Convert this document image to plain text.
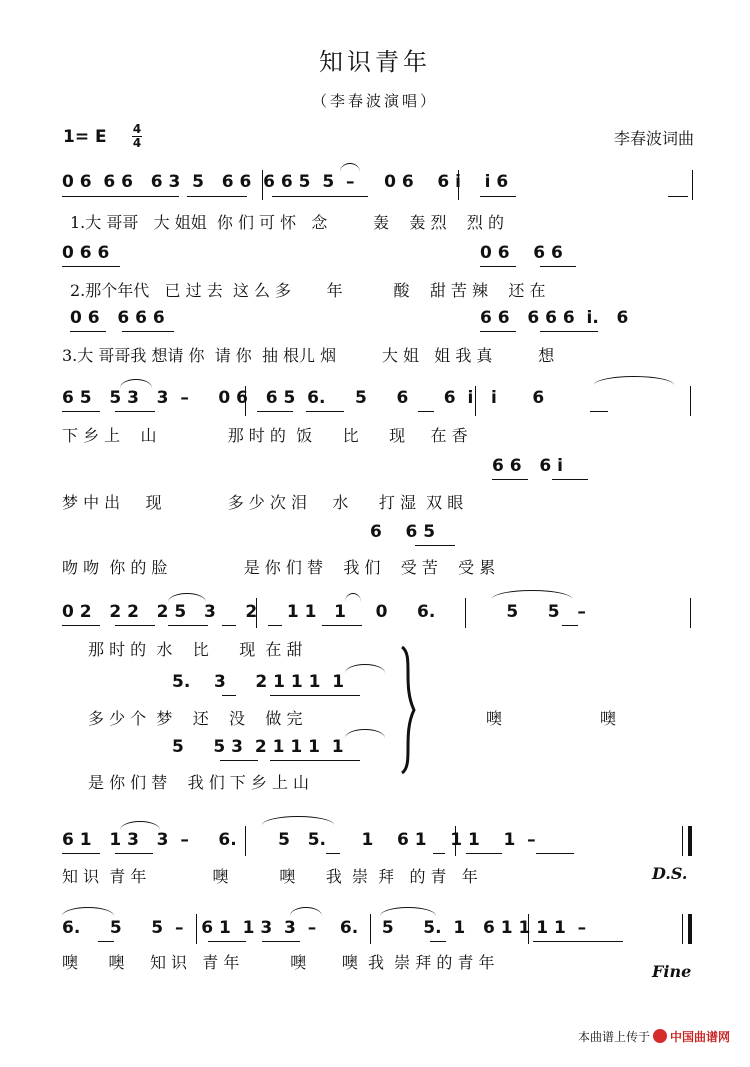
知识青年
（李春波演唱）
1= E 4
4	李春波词曲
0 6  6 6   6 3  5   6 6  6 6 5  5  –     0 6    6 i    i 6
1.大 哥哥   大 姐姐  你 们 可 怀   念         轰    轰 烈    烈 的
0 6 6	0 6    6 6
2.那个年代   已 过 去  这 么 多       年          酸    甜 苦 辣    还 在
0 6   6 6 6	6 6   6 6 6  i.   6
3.大 哥哥我 想请 你  请 你  抽 根儿 烟         大 姐   姐 我 真         想
6 5   5 3   3  –     0 6   6 5  6.     5     6      6  i   i      6
下 乡 上    山              那 时 的  饭      比      现     在 香
6 6   6 i
梦 中 出     现             多 少 次 泪     水      打 湿  双 眼
6    6 5
吻 吻  你 的 脸               是 你 们 替    我 们    受 苦    受 累
0 2   2 2   2 5   3     2     1 1   1     0     6.            5     5   –
那 时 的  水    比      现  在 甜
5.    3     2 1 1 1  1
多 少 个  梦    还    没    做 完	噢	噢
5     5 3  2 1 1 1  1
是 你 们 替    我 们 下 乡 上 山
6 1   1 3   3  –     6.       5   5.      1    6 1    1 1    1  –
知 识  青 年             噢          噢      我  崇  拜   的 青   年	D.S.
6.     5     5  –   6 1  1 3  3  –    6.    5     5.  1   6 1 1 1 1  –
噢      噢     知 识   青 年          噢       噢  我  崇 拜 的 青 年	Fine

本曲谱上传于 中国曲谱网
